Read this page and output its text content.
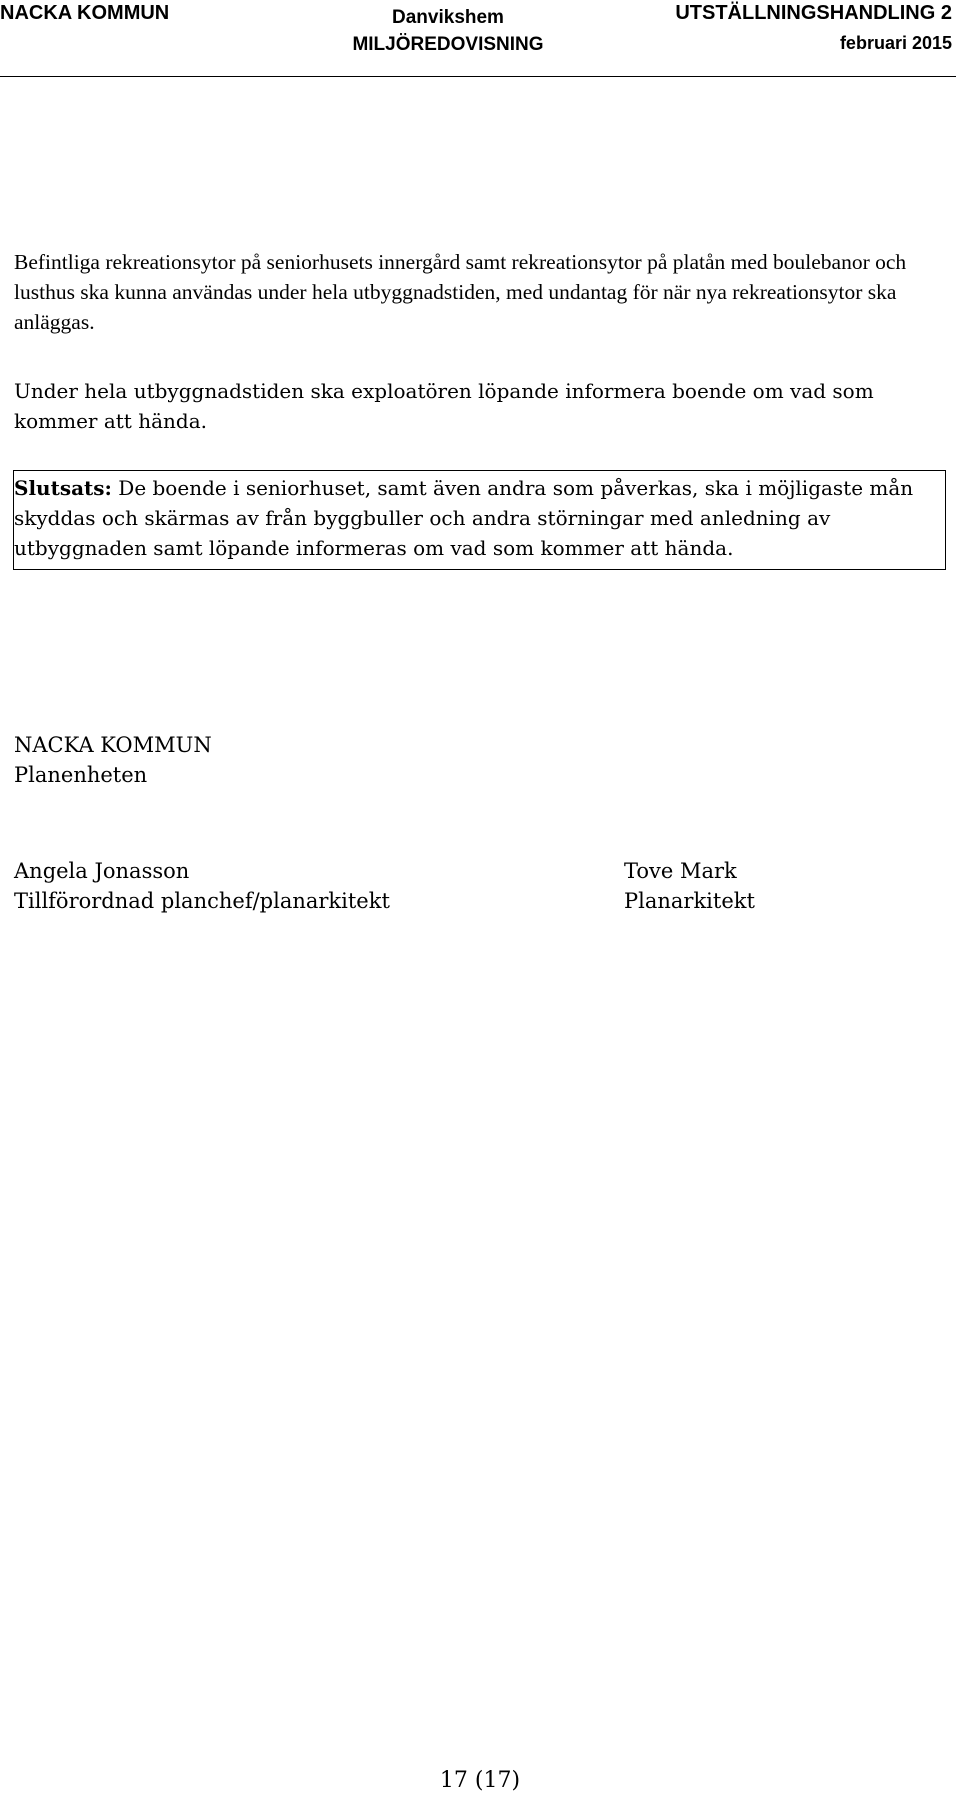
NACKA KOMMUN	Danvikshem
MILJÖREDOVISNING
UTSTÄLLNINGSHANDLING 2
februari 2015

Befintliga rekreationsytor på seniorhusets innergård samt rekreationsytor på platån med boulebanor och lusthus ska kunna användas under hela utbyggnadstiden, med undantag för när nya rekreationsytor ska anläggas.

Under hela utbyggnadstiden ska exploatören löpande informera boende om vad som kommer att hända.

Slutsats: De boende i seniorhuset, samt även andra som påverkas, ska i möjligaste mån skyddas och skärmas av från byggbuller och andra störningar med anledning av utbyggnaden samt löpande informeras om vad som kommer att hända.
NACKA KOMMUN
Planenheten
Angela Jonasson
Tillförordnad planchef/planarkitekt
Tove Mark
Planarkitekt
17 (17)
